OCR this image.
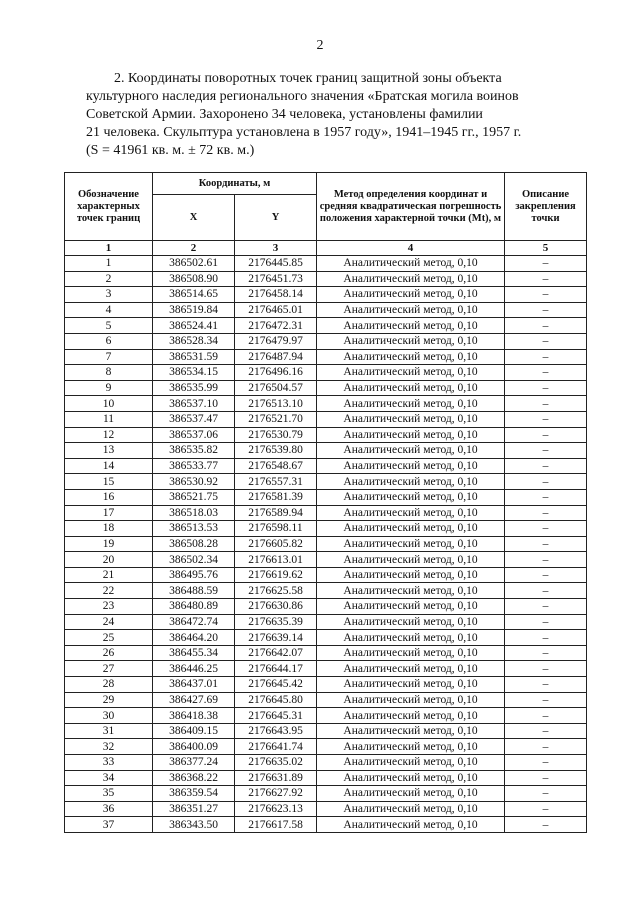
2
2. Координаты поворотных точек границ защитной зоны объекта
культурного наследия регионального значения «Братская могила воинов
Советской Армии. Захоронено 34 человека, установлены фамилии
21 человека. Скульптура установлена в 1957 году», 1941–1945 гг., 1957 г.
(S = 41961 кв. м. ± 72 кв. м.)
Обозначение характерных точек границ	Координаты, м		Метод определения координат и средняя квадратическая погрешность положения характерной точки (Mt), м	Описание закрепления точки
	X	Y		
1	2	3	4	5
1	386502.61	2176445.85	Аналитический метод, 0,10	–
2	386508.90	2176451.73	Аналитический метод, 0,10	–
3	386514.65	2176458.14	Аналитический метод, 0,10	–
4	386519.84	2176465.01	Аналитический метод, 0,10	–
5	386524.41	2176472.31	Аналитический метод, 0,10	–
6	386528.34	2176479.97	Аналитический метод, 0,10	–
7	386531.59	2176487.94	Аналитический метод, 0,10	–
8	386534.15	2176496.16	Аналитический метод, 0,10	–
9	386535.99	2176504.57	Аналитический метод, 0,10	–
10	386537.10	2176513.10	Аналитический метод, 0,10	–
11	386537.47	2176521.70	Аналитический метод, 0,10	–
12	386537.06	2176530.79	Аналитический метод, 0,10	–
13	386535.82	2176539.80	Аналитический метод, 0,10	–
14	386533.77	2176548.67	Аналитический метод, 0,10	–
15	386530.92	2176557.31	Аналитический метод, 0,10	–
16	386521.75	2176581.39	Аналитический метод, 0,10	–
17	386518.03	2176589.94	Аналитический метод, 0,10	–
18	386513.53	2176598.11	Аналитический метод, 0,10	–
19	386508.28	2176605.82	Аналитический метод, 0,10	–
20	386502.34	2176613.01	Аналитический метод, 0,10	–
21	386495.76	2176619.62	Аналитический метод, 0,10	–
22	386488.59	2176625.58	Аналитический метод, 0,10	–
23	386480.89	2176630.86	Аналитический метод, 0,10	–
24	386472.74	2176635.39	Аналитический метод, 0,10	–
25	386464.20	2176639.14	Аналитический метод, 0,10	–
26	386455.34	2176642.07	Аналитический метод, 0,10	–
27	386446.25	2176644.17	Аналитический метод, 0,10	–
28	386437.01	2176645.42	Аналитический метод, 0,10	–
29	386427.69	2176645.80	Аналитический метод, 0,10	–
30	386418.38	2176645.31	Аналитический метод, 0,10	–
31	386409.15	2176643.95	Аналитический метод, 0,10	–
32	386400.09	2176641.74	Аналитический метод, 0,10	–
33	386377.24	2176635.02	Аналитический метод, 0,10	–
34	386368.22	2176631.89	Аналитический метод, 0,10	–
35	386359.54	2176627.92	Аналитический метод, 0,10	–
36	386351.27	2176623.13	Аналитический метод, 0,10	–
37	386343.50	2176617.58	Аналитический метод, 0,10	–
